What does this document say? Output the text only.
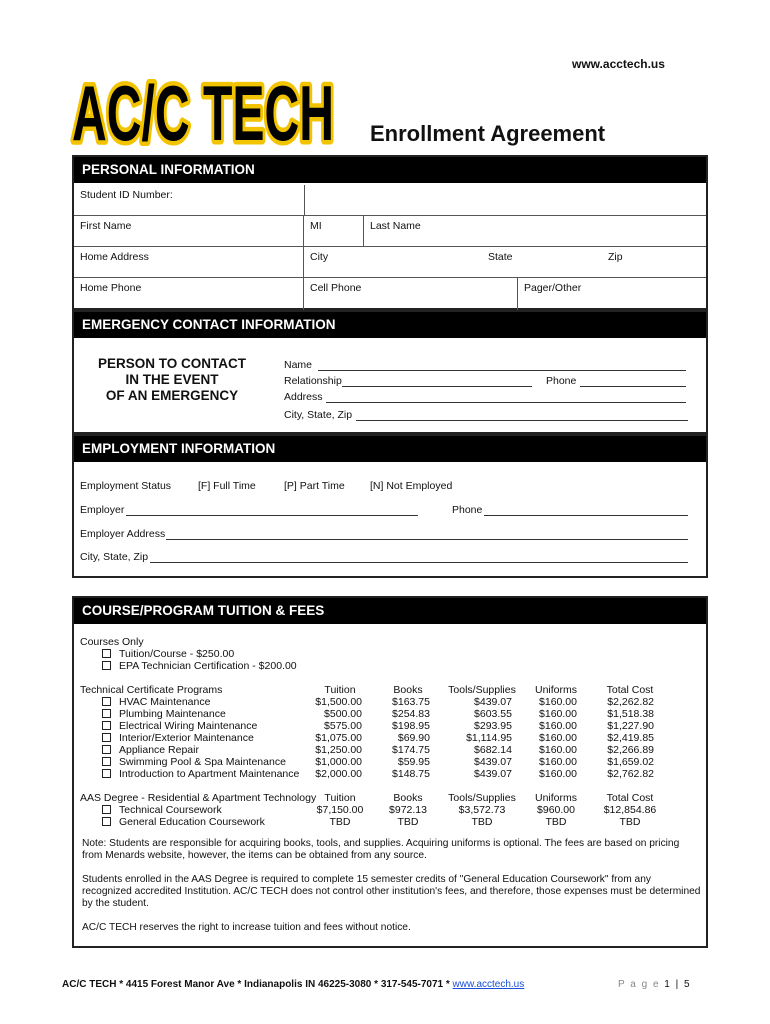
www.acctech.us
AC/C TECH
AC/C TECH Enrollment Agreement
PERSONAL INFORMATION
Student ID Number:
First Name	MI	Last Name
Home Address	City	State	Zip
Home Phone	Cell Phone	Pager/Other
EMERGENCY CONTACT INFORMATION
PERSON TO CONTACT
IN THE EVENT
OF AN EMERGENCY
Name
Relationship	Phone
Address
City, State, Zip
EMPLOYMENT INFORMATION
Employment Status	[F] Full Time	[P] Part Time [N] Not Employed
Employer	Phone
Employer Address
City, State, Zip
COURSE/PROGRAM TUITION & FEES
Courses Only
Tuition/Course - $250.00
EPA Technician Certification - $200.00
Technical Certificate Programs	Tuition	Books	Tools/Supplies	Uniforms	Total Cost
HVAC Maintenance	$1,500.00	$163.75	$439.07	$160.00	$2,262.82
Plumbing Maintenance	$500.00	$254.83	$603.55	$160.00	$1,518.38
Electrical Wiring Maintenance	$575.00	$198.95	$293.95	$160.00	$1,227.90
Interior/Exterior Maintenance	$1,075.00	$69.90	$1,114.95	$160.00	$2,419.85
Appliance Repair	$1,250.00	$174.75	$682.14	$160.00	$2,266.89
Swimming Pool & Spa Maintenance	$1,000.00	$59.95	$439.07	$160.00	$1,659.02
Introduction to Apartment Maintenance	$2,000.00	$148.75	$439.07	$160.00	$2,762.82
AAS Degree - Residential & Apartment Technology Tuition	Books	Tools/Supplies	Uniforms	Total Cost
Technical Coursework	$7,150.00	$972.13	$3,572.73	$960.00	$12,854.86
General Education Coursework	TBD	TBD	TBD	TBD	TBD
Note: Students are responsible for acquiring books, tools, and supplies. Acquiring uniforms is optional. The fees are based on pricing from Menards website, however, the items can be obtained from any source.
Students enrolled in the AAS Degree is required to complete 15 semester credits of "General Education Coursework" from any recognized accredited Institution. AC/C TECH does not control other institution's fees, and therefore, those expenses must be determined by the student.
AC/C TECH reserves the right to increase tuition and fees without notice.
AC/C TECH * 4415 Forest Manor Ave * Indianapolis IN 46225-3080 * 317-545-7071 * www.acctech.us	P a g e 1 | 5
